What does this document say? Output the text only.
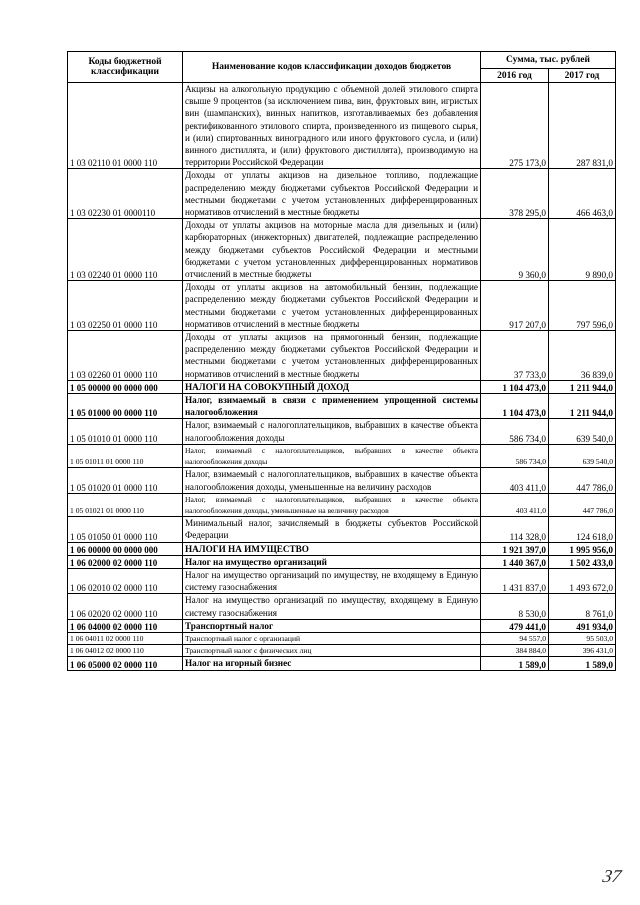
Коды бюджетной классификации	Наименование кодов классификации доходов бюджетов	Сумма, тыс. рублей	
		2016 год	2017 год
1 03 02110 01 0000 110	Акцизы на алкогольную продукцию с объемной долей этилового спирта свыше 9 процентов (за исключением пива, вин, фруктовых вин, игристых вин (шампанских), винных напитков, изготавливаемых без добавления ректификованного этилового спирта, произведенного из пищевого сырья, и (или) спиртованных виноградного или иного фруктового сусла, и (или) винного дистиллята, и (или) фруктового дистиллята), производимую на территории Российской Федерации	275 173,0	287 831,0
1 03 02230 01 0000110	Доходы от уплаты акцизов на дизельное топливо, подлежащие распределению между бюджетами субъектов Российской Федерации и местными бюджетами с учетом установленных дифференцированных нормативов отчислений в местные бюджеты	378 295,0	466 463,0
1 03 02240 01 0000 110	Доходы от уплаты акцизов на моторные масла для дизельных и (или) карбюраторных (инжекторных) двигателей, подлежащие распределению между бюджетами субъектов Российской Федерации и местными бюджетами с учетом установленных дифференцированных нормативов отчислений в местные бюджеты	9 360,0	9 890,0
1 03 02250 01 0000 110	Доходы от уплаты акцизов на автомобильный бензин, подлежащие распределению между бюджетами субъектов Российской Федерации и местными бюджетами с учетом установленных дифференцированных нормативов отчислений в местные бюджеты	917 207,0	797 596,0
1 03 02260 01 0000 110	Доходы от уплаты акцизов на прямогонный бензин, подлежащие распределению между бюджетами субъектов Российской Федерации и местными бюджетами с учетом установленных дифференцированных нормативов отчислений в местные бюджеты	37 733,0	36 839,0
1 05 00000 00 0000 000	НАЛОГИ НА СОВОКУПНЫЙ ДОХОД	1 104 473,0	1 211 944,0
1 05 01000 00 0000 110	Налог, взимаемый в связи с применением упрощенной системы налогообложения	1 104 473,0	1 211 944,0
1 05 01010 01 0000 110	Налог, взимаемый с налогоплательщиков, выбравших в качестве объекта налогообложения доходы	586 734,0	639 540,0
1 05 01011 01 0000 110	Налог, взимаемый с налогоплательщиков, выбравших в качестве объекта налогообложения доходы	586 734,0	639 540,0
1 05 01020 01 0000 110	Налог, взимаемый с налогоплательщиков, выбравших в качестве объекта налогообложения доходы, уменьшенные на величину расходов	403 411,0	447 786,0
1 05 01021 01 0000 110	Налог, взимаемый с налогоплательщиков, выбравших в качестве объекта налогообложения доходы, уменьшенные на величину расходов	403 411,0	447 786,0
1 05 01050 01 0000 110	Минимальный налог, зачисляемый в бюджеты субъектов Российской Федерации	114 328,0	124 618,0
1 06 00000 00 0000 000	НАЛОГИ НА ИМУЩЕСТВО	1 921 397,0	1 995 956,0
1 06 02000 02 0000 110	Налог на имущество организаций	1 440 367,0	1 502 433,0
1 06 02010 02 0000 110	Налог на имущество организаций по имуществу, не входящему в Единую систему газоснабжения	1 431 837,0	1 493 672,0
1 06 02020 02 0000 110	Налог на имущество организаций по имуществу, входящему в Единую систему газоснабжения	8 530,0	8 761,0
1 06 04000 02 0000 110	Транспортный налог	479 441,0	491 934,0
1 06 04011 02 0000 110	Транспортный налог с организаций	94 557,0	95 503,0
1 06 04012 02 0000 110	Транспортный налог с физических лиц	384 884,0	396 431,0
1 06 05000 02 0000 110	Налог на игорный бизнес	1 589,0	1 589,0
37
